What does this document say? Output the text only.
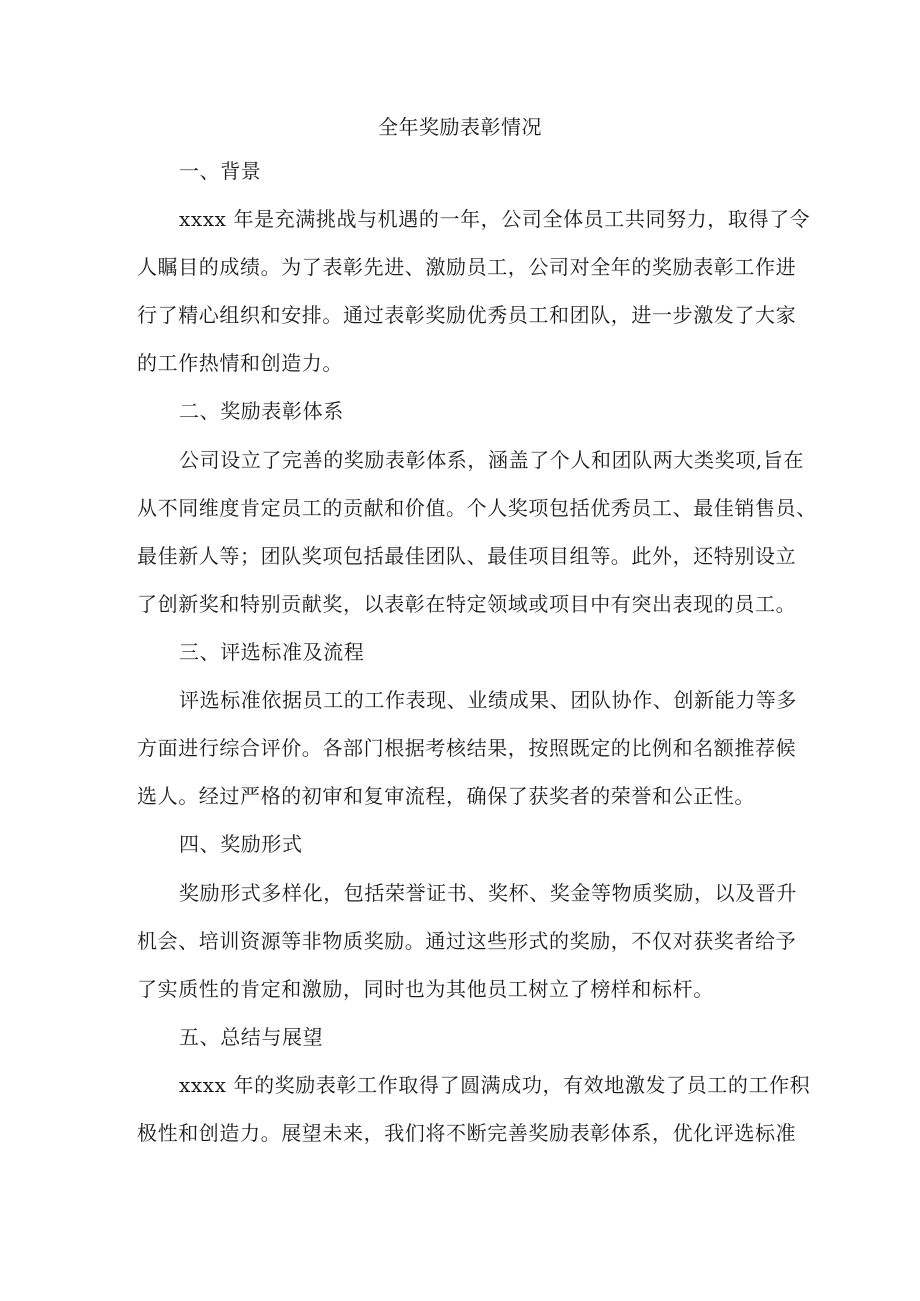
全年奖励表彰情况
一、背景
xxxx 年是充满挑战与机遇的一年，公司全体员工共同努力，取得了令
人瞩目的成绩。为了表彰先进、激励员工，公司对全年的奖励表彰工作进
行了精心组织和安排。通过表彰奖励优秀员工和团队，进一步激发了大家
的工作热情和创造力。
二、奖励表彰体系
公司设立了完善的奖励表彰体系，涵盖了个人和团队两大类奖项,旨在
从不同维度肯定员工的贡献和价值。个人奖项包括优秀员工、最佳销售员、
最佳新人等；团队奖项包括最佳团队、最佳项目组等。此外，还特别设立
了创新奖和特别贡献奖，以表彰在特定领域或项目中有突出表现的员工。
三、评选标准及流程
评选标准依据员工的工作表现、业绩成果、团队协作、创新能力等多
方面进行综合评价。各部门根据考核结果，按照既定的比例和名额推荐候
选人。经过严格的初审和复审流程，确保了获奖者的荣誉和公正性。
四、奖励形式
奖励形式多样化，包括荣誉证书、奖杯、奖金等物质奖励，以及晋升
机会、培训资源等非物质奖励。通过这些形式的奖励，不仅对获奖者给予
了实质性的肯定和激励，同时也为其他员工树立了榜样和标杆。
五、总结与展望
xxxx 年的奖励表彰工作取得了圆满成功，有效地激发了员工的工作积
极性和创造力。展望未来，我们将不断完善奖励表彰体系，优化评选标准
